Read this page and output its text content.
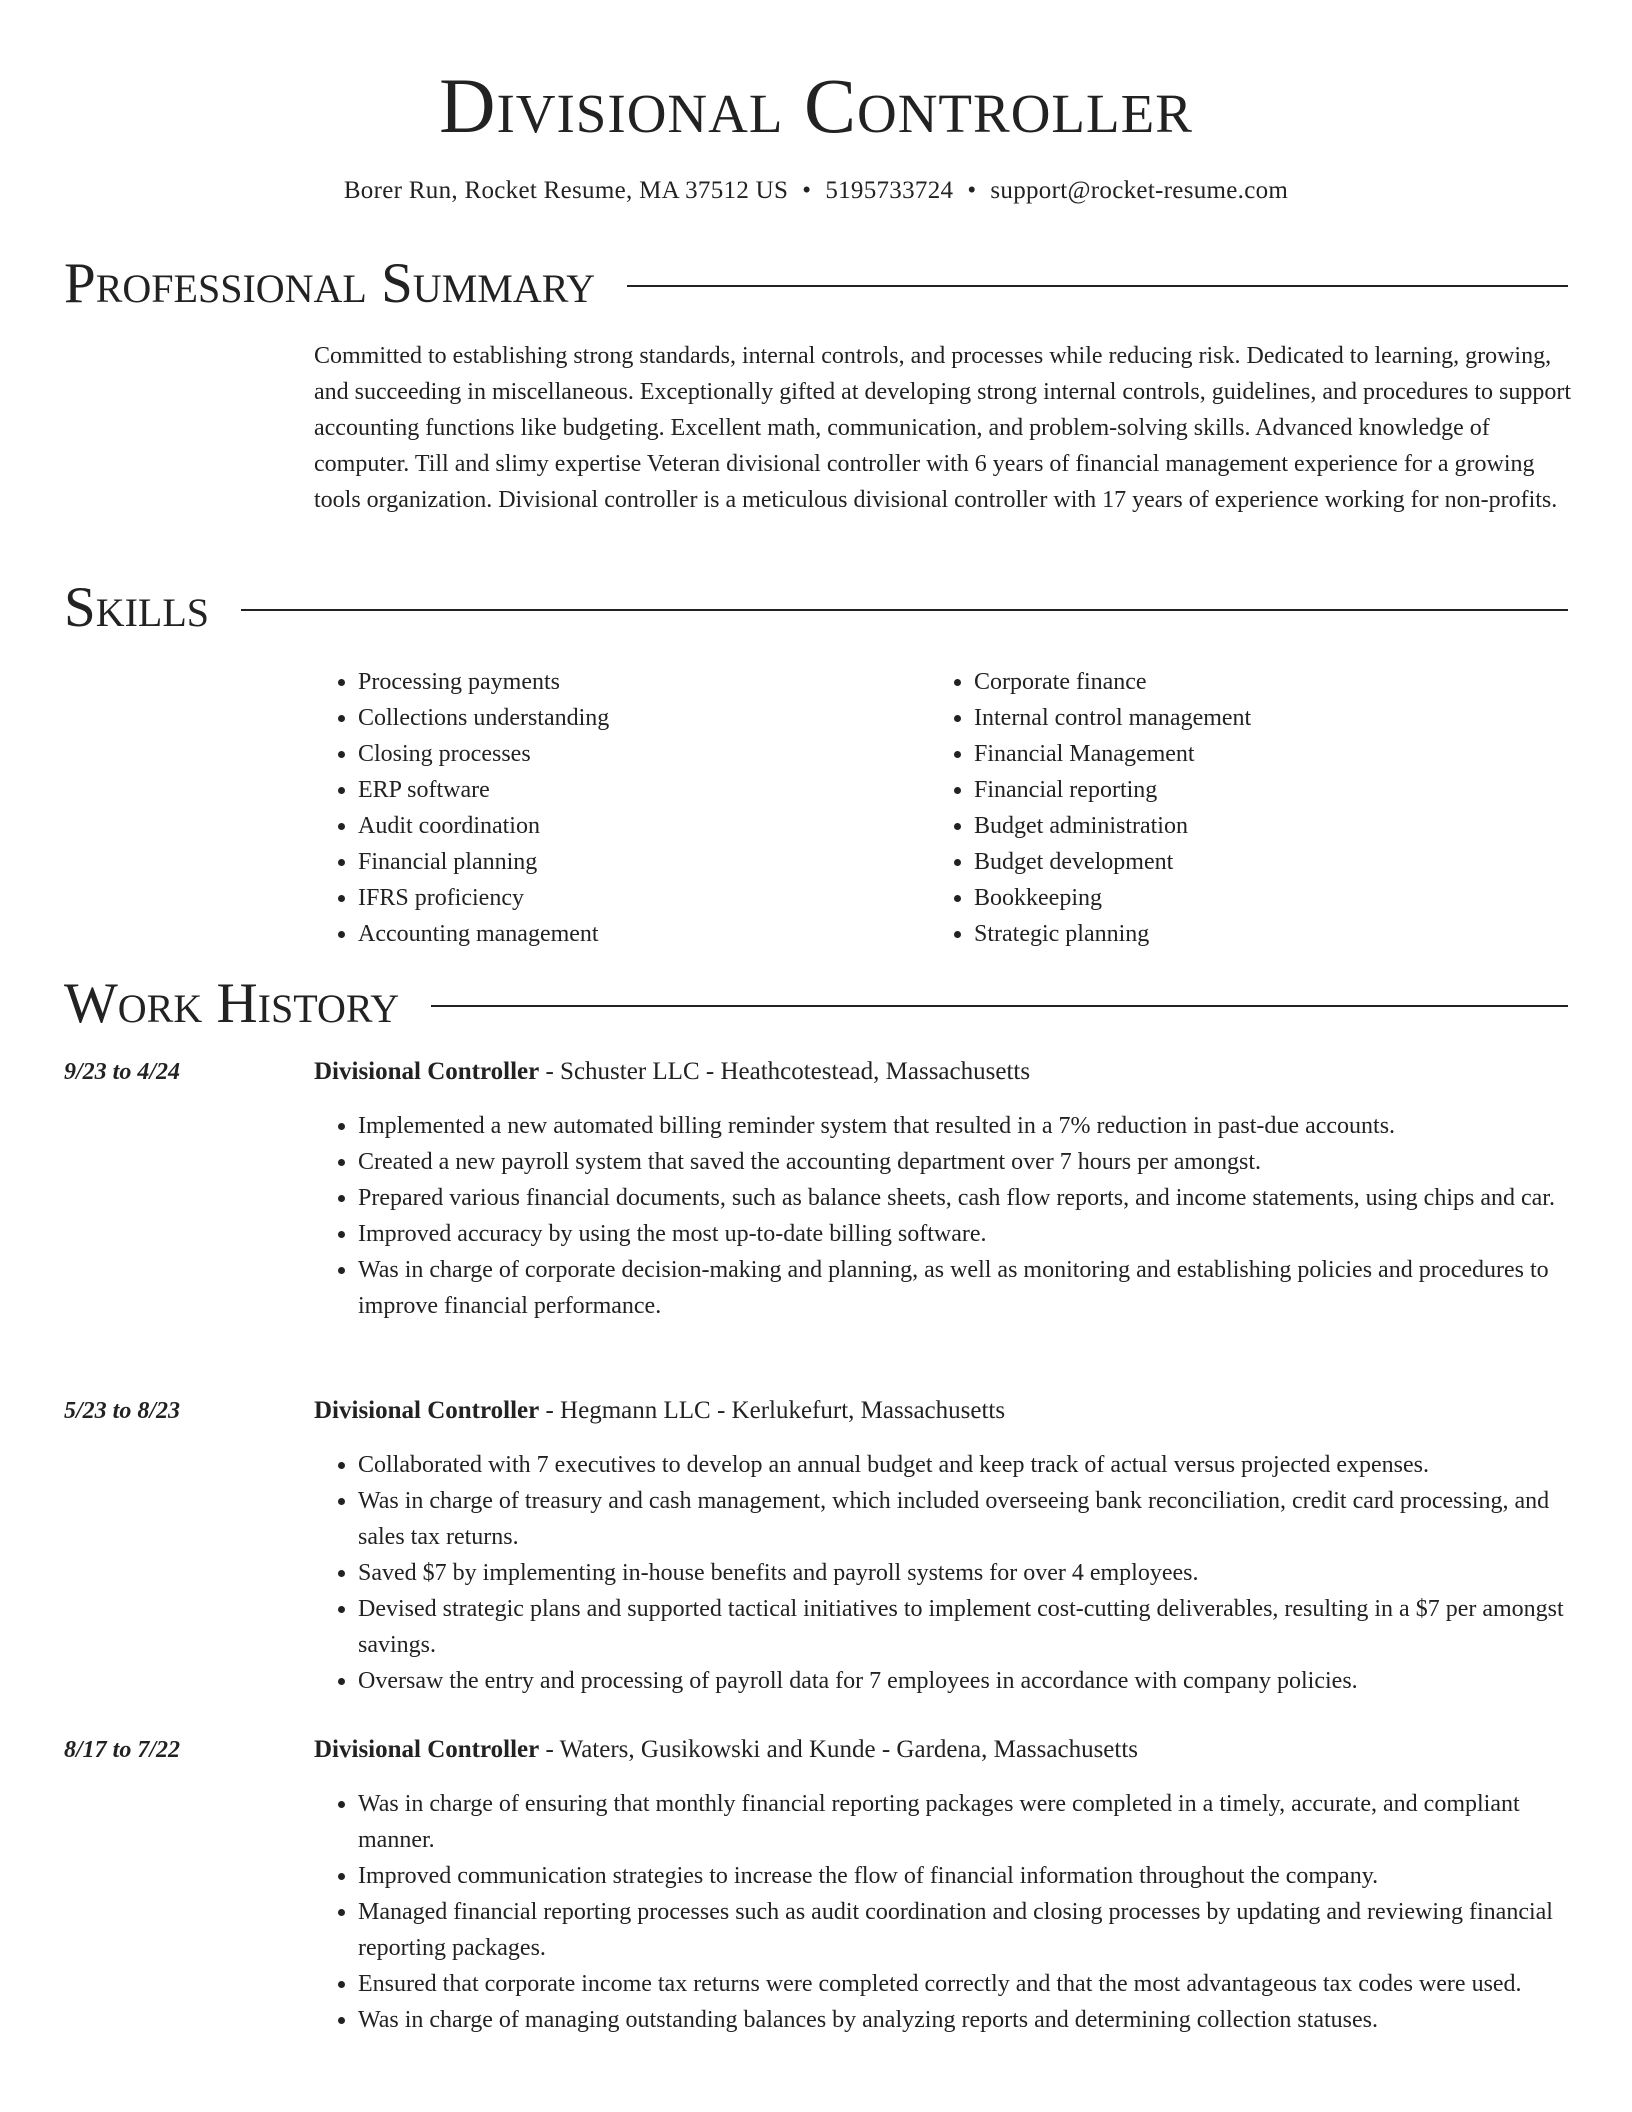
Divisional Controller
Borer Run, Rocket Resume, MA 37512 US • 5195733724 • support@rocket-resume.com
Professional Summary

Committed to establishing strong standards, internal controls, and processes while reducing risk. Dedicated to learning, growing, and succeeding in miscellaneous. Exceptionally gifted at developing strong internal controls, guidelines, and procedures to support accounting functions like budgeting. Excellent math, communication, and problem-solving skills. Advanced knowledge of computer. Till and slimy expertise Veteran divisional controller with 6 years of financial management experience for a growing tools organization. Divisional controller is a meticulous divisional controller with 17 years of experience working for non-profits.

Skills
• Processing payments
• Collections understanding
• Closing processes
• ERP software
• Audit coordination
• Financial planning
• IFRS proficiency
• Accounting management
• Corporate finance
• Internal control management
• Financial Management
• Financial reporting
• Budget administration
• Budget development
• Bookkeeping
• Strategic planning
Work History
9/23 to 4/24	Divisional Controller - Schuster LLC - Heathcotestead, Massachusetts
• Implemented a new automated billing reminder system that resulted in a 7% reduction in past-due accounts.
• Created a new payroll system that saved the accounting department over 7 hours per amongst.
• Prepared various financial documents, such as balance sheets, cash flow reports, and income statements, using chips and car.
• Improved accuracy by using the most up-to-date billing software.
• Was in charge of corporate decision-making and planning, as well as monitoring and establishing policies and procedures to improve financial performance.
5/23 to 8/23	Divisional Controller - Hegmann LLC - Kerlukefurt, Massachusetts
• Collaborated with 7 executives to develop an annual budget and keep track of actual versus projected expenses.
• Was in charge of treasury and cash management, which included overseeing bank reconciliation, credit card processing, and sales tax returns.
• Saved $7 by implementing in-house benefits and payroll systems for over 4 employees.
• Devised strategic plans and supported tactical initiatives to implement cost-cutting deliverables, resulting in a $7 per amongst savings.
• Oversaw the entry and processing of payroll data for 7 employees in accordance with company policies.
8/17 to 7/22	Divisional Controller - Waters, Gusikowski and Kunde - Gardena, Massachusetts
• Was in charge of ensuring that monthly financial reporting packages were completed in a timely, accurate, and compliant manner.
• Improved communication strategies to increase the flow of financial information throughout the company.
• Managed financial reporting processes such as audit coordination and closing processes by updating and reviewing financial reporting packages.
• Ensured that corporate income tax returns were completed correctly and that the most advantageous tax codes were used.
• Was in charge of managing outstanding balances by analyzing reports and determining collection statuses.
